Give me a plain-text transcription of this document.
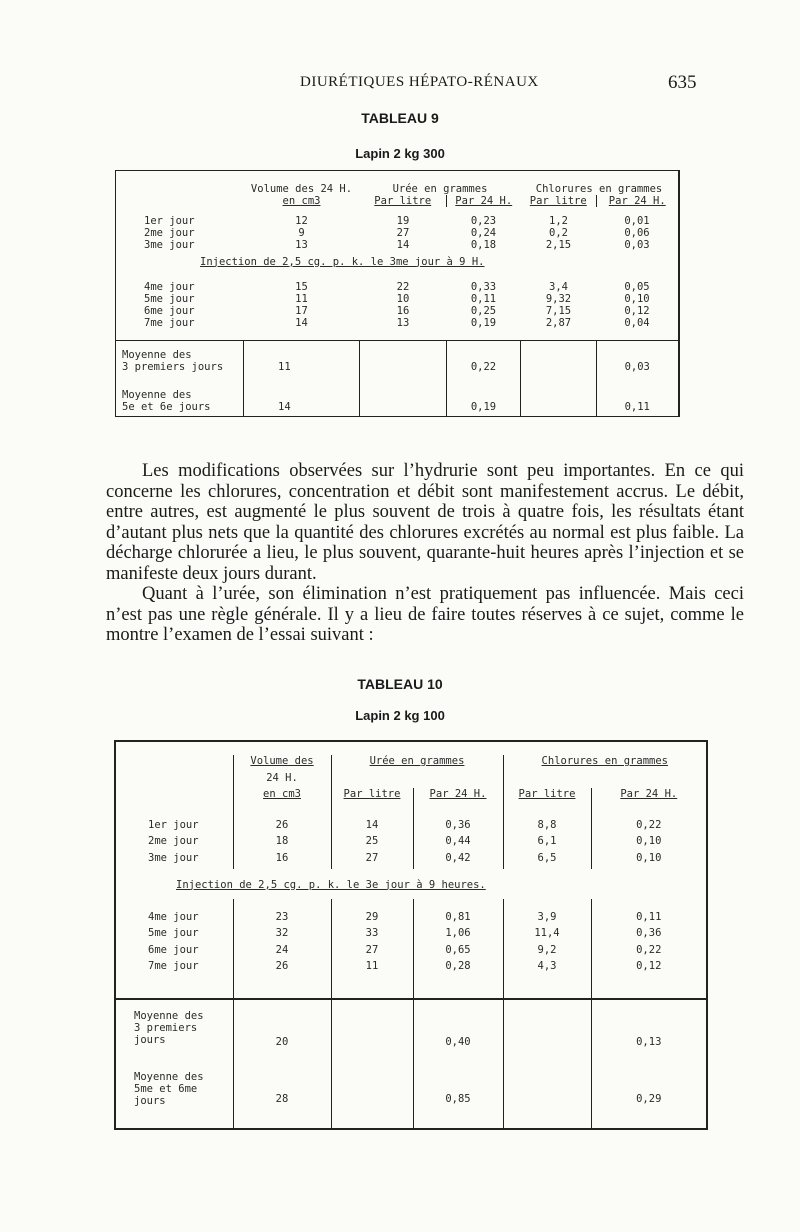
DIURÉTIQUES HÉPATO-RÉNAUX	635
TABLEAU 9
Lapin 2 kg 300

	Volume des 24 H.	Urée en grammes		Chlorures en grammes	
	en cm3	Par litre	Par 24 H.	Par litre	Par 24 H.

1er jour	12	19	0,23	1,2	0,01
2me jour	9	27	0,24	0,2	0,06
3me jour	13	14	0,18	2,15	0,03
Injection de 2,5 cg. p. k. le 3me jour à 9 H.					

4me jour	15	22	0,33	3,4	0,05
5me jour	11	10	0,11	9,32	0,10
6me jour	17	16	0,25	7,15	0,12
7me jour	14	13	0,19	2,87	0,04

Moyenne des
3 premiers jours	11		0,22		0,03
Moyenne des
5e et 6e jours	14		0,19		0,11

Les modifications observées sur l’hydrurie sont peu importantes. En ce qui concerne les chlorures, concentration et débit sont manifestement accrus. Le débit, entre autres, est augmenté le plus souvent de trois à quatre fois, les résultats étant d’autant plus nets que la quantité des chlorures excrétés au normal est plus faible. La décharge chlorurée a lieu, le plus souvent, quarante-huit heures après l’injection et se manifeste deux jours durant.

Quant à l’urée, son élimination n’est pratiquement pas influencée. Mais ceci n’est pas une règle générale. Il y a lieu de faire toutes réserves à ce sujet, comme le montre l’examen de l’essai suivant :

TABLEAU 10
Lapin 2 kg 100

	Volume des	Urée en grammes		Chlorures en grammes	
	24 H.				
	en cm3	Par litre	Par 24 H.	Par litre	Par 24 H.

1er jour	26	14	0,36	8,8	0,22
2me jour	18	25	0,44	6,1	0,10
3me jour	16	27	0,42	6,5	0,10
Injection de 2,5 cg. p. k. le 3e jour à 9 heures.					

4me jour	23	29	0,81	3,9	0,11
5me jour	32	33	1,06	11,4	0,36
6me jour	24	27	0,65	9,2	0,22
7me jour	26	11	0,28	4,3	0,12

Moyenne des
3 premiers
jours	20		0,40		0,13
Moyenne des
5me et 6me
jours	28		0,85		0,29
